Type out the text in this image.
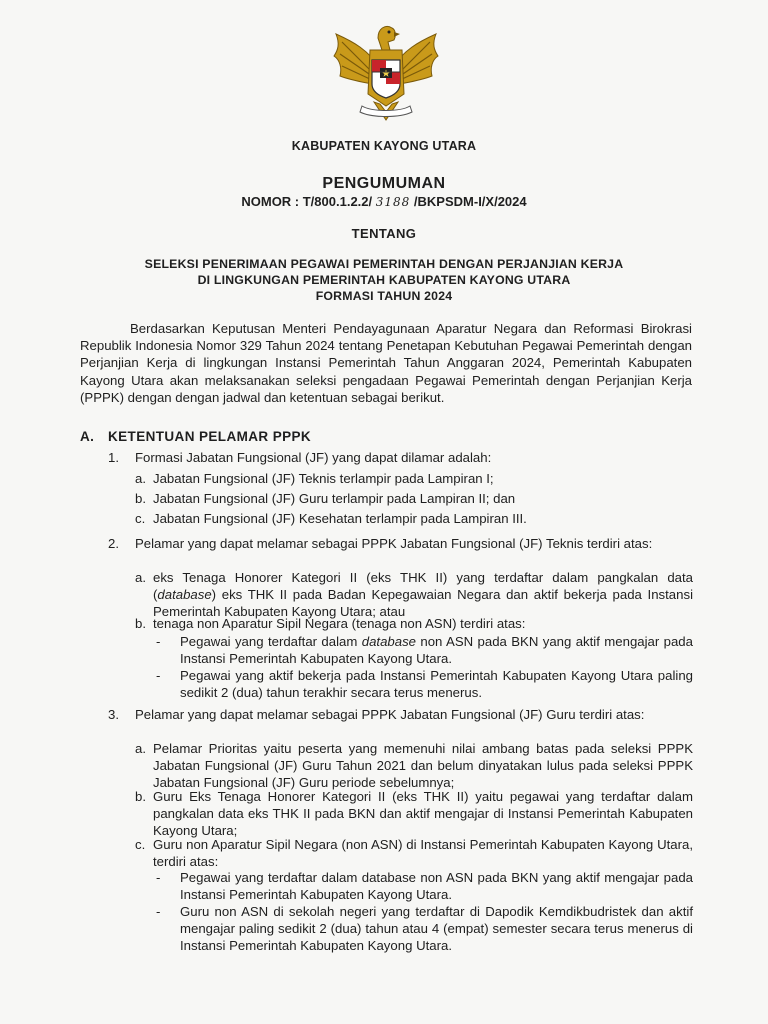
KABUPATEN KAYONG UTARA
PENGUMUMAN
NOMOR : T/800.1.2.2/ 3188 /BKPSDM-I/X/2024
TENTANG
SELEKSI PENERIMAAN PEGAWAI PEMERINTAH DENGAN PERJANJIAN KERJA
DI LINGKUNGAN PEMERINTAH KABUPATEN KAYONG UTARA
FORMASI TAHUN 2024
Berdasarkan Keputusan Menteri Pendayagunaan Aparatur Negara dan Reformasi Birokrasi Republik Indonesia Nomor 329 Tahun 2024 tentang Penetapan Kebutuhan Pegawai Pemerintah dengan Perjanjian Kerja di lingkungan Instansi Pemerintah Tahun Anggaran 2024, Pemerintah Kabupaten Kayong Utara akan melaksanakan seleksi pengadaan Pegawai Pemerintah dengan Perjanjian Kerja (PPPK) dengan dengan jadwal dan ketentuan sebagai berikut.
A. KETENTUAN PELAMAR PPPK
1. Formasi Jabatan Fungsional (JF) yang dapat dilamar adalah:
a. Jabatan Fungsional (JF) Teknis terlampir pada Lampiran I;
b. Jabatan Fungsional (JF) Guru terlampir pada Lampiran II; dan
c. Jabatan Fungsional (JF) Kesehatan terlampir pada Lampiran III.
2. Pelamar yang dapat melamar sebagai PPPK Jabatan Fungsional (JF) Teknis terdiri atas:
a. eks Tenaga Honorer Kategori II (eks THK II) yang terdaftar dalam pangkalan data (database) eks THK II pada Badan Kepegawaian Negara dan aktif bekerja pada Instansi Pemerintah Kabupaten Kayong Utara; atau
b. tenaga non Aparatur Sipil Negara (tenaga non ASN) terdiri atas:
- Pegawai yang terdaftar dalam database non ASN pada BKN yang aktif mengajar pada Instansi Pemerintah Kabupaten Kayong Utara.
- Pegawai yang aktif bekerja pada Instansi Pemerintah Kabupaten Kayong Utara paling sedikit 2 (dua) tahun terakhir secara terus menerus.
3. Pelamar yang dapat melamar sebagai PPPK Jabatan Fungsional (JF) Guru terdiri atas:
a. Pelamar Prioritas yaitu peserta yang memenuhi nilai ambang batas pada seleksi PPPK Jabatan Fungsional (JF) Guru Tahun 2021 dan belum dinyatakan lulus pada seleksi PPPK Jabatan Fungsional (JF) Guru periode sebelumnya;
b. Guru Eks Tenaga Honorer Kategori II (eks THK II) yaitu pegawai yang terdaftar dalam pangkalan data eks THK II pada BKN dan aktif mengajar di Instansi Pemerintah Kabupaten Kayong Utara;
c. Guru non Aparatur Sipil Negara (non ASN) di Instansi Pemerintah Kabupaten Kayong Utara, terdiri atas:
- Pegawai yang terdaftar dalam database non ASN pada BKN yang aktif mengajar pada Instansi Pemerintah Kabupaten Kayong Utara.
- Guru non ASN di sekolah negeri yang terdaftar di Dapodik Kemdikbudristek dan aktif mengajar paling sedikit 2 (dua) tahun atau 4 (empat) semester secara terus menerus di Instansi Pemerintah Kabupaten Kayong Utara.
